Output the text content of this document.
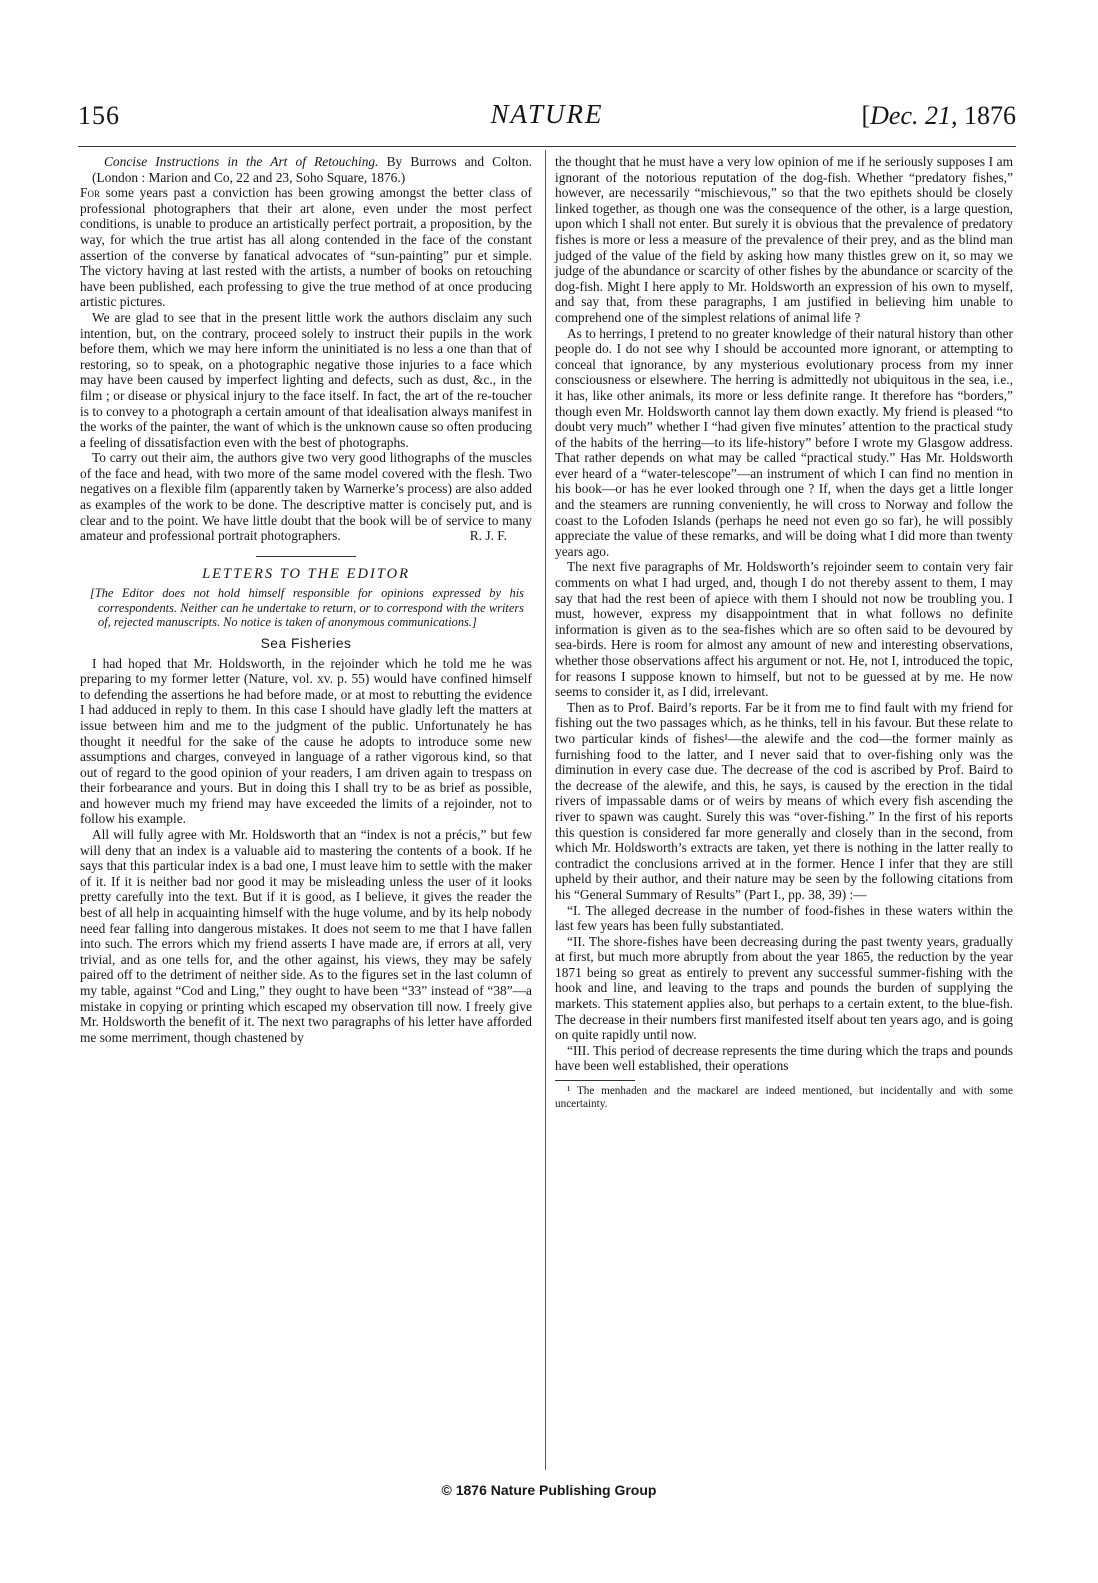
156	NATURE	[Dec. 21, 1876

Concise Instructions in the Art of Retouching. By Burrows and Colton. (London : Marion and Co, 22 and 23, Soho Square, 1876.)

For some years past a conviction has been growing amongst the better class of professional photographers that their art alone, even under the most perfect conditions, is unable to produce an artistically perfect portrait, a proposition, by the way, for which the true artist has all along contended in the face of the constant assertion of the converse by fanatical advocates of “sun-painting” pur et simple. The victory having at last rested with the artists, a number of books on retouching have been published, each professing to give the true method of at once producing artistic pictures.

We are glad to see that in the present little work the authors disclaim any such intention, but, on the contrary, proceed solely to instruct their pupils in the work before them, which we may here inform the uninitiated is no less a one than that of restoring, so to speak, on a photographic negative those injuries to a face which may have been caused by imperfect lighting and defects, such as dust, &c., in the film ; or disease or physical injury to the face itself. In fact, the art of the re-toucher is to convey to a photograph a certain amount of that idealisation always manifest in the works of the painter, the want of which is the unknown cause so often producing a feeling of dissatisfaction even with the best of photographs.

To carry out their aim, the authors give two very good lithographs of the muscles of the face and head, with two more of the same model covered with the flesh. Two negatives on a flexible film (apparently taken by Warnerke’s process) are also added as examples of the work to be done. The descriptive matter is concisely put, and is clear and to the point. We have little doubt that the book will be of service to many amateur and professional portrait photographers.	R. J. F.
LETTERS TO THE EDITOR
[The Editor does not hold himself responsible for opinions expressed by his correspondents. Neither can he undertake to return, or to correspond with the writers of, rejected manuscripts. No notice is taken of anonymous communications.]
Sea Fisheries

I had hoped that Mr. Holdsworth, in the rejoinder which he told me he was preparing to my former letter (Nature, vol. xv. p. 55) would have confined himself to defending the assertions he had before made, or at most to rebutting the evidence I had adduced in reply to them. In this case I should have gladly left the matters at issue between him and me to the judgment of the public. Unfortunately he has thought it needful for the sake of the cause he adopts to introduce some new assumptions and charges, conveyed in language of a rather vigorous kind, so that out of regard to the good opinion of your readers, I am driven again to trespass on their forbearance and yours. But in doing this I shall try to be as brief as possible, and however much my friend may have exceeded the limits of a rejoinder, not to follow his example.

All will fully agree with Mr. Holdsworth that an “index is not a précis,” but few will deny that an index is a valuable aid to mastering the contents of a book. If he says that this particular index is a bad one, I must leave him to settle with the maker of it. If it is neither bad nor good it may be misleading unless the user of it looks pretty carefully into the text. But if it is good, as I believe, it gives the reader the best of all help in acquainting himself with the huge volume, and by its help nobody need fear falling into dangerous mistakes. It does not seem to me that I have fallen into such. The errors which my friend asserts I have made are, if errors at all, very trivial, and as one tells for, and the other against, his views, they may be safely paired off to the detriment of neither side. As to the figures set in the last column of my table, against “Cod and Ling,” they ought to have been “33” instead of “38”—a mistake in copying or printing which escaped my observation till now. I freely give Mr. Holdsworth the benefit of it. The next two paragraphs of his letter have afforded me some merriment, though chastened by

the thought that he must have a very low opinion of me if he seriously supposes I am ignorant of the notorious reputation of the dog-fish. Whether “predatory fishes,” however, are necessarily “mischievous,” so that the two epithets should be closely linked together, as though one was the consequence of the other, is a large question, upon which I shall not enter. But surely it is obvious that the prevalence of predatory fishes is more or less a measure of the prevalence of their prey, and as the blind man judged of the value of the field by asking how many thistles grew on it, so may we judge of the abundance or scarcity of other fishes by the abundance or scarcity of the dog-fish. Might I here apply to Mr. Holdsworth an expression of his own to myself, and say that, from these paragraphs, I am justified in believing him unable to comprehend one of the simplest relations of animal life ?

As to herrings, I pretend to no greater knowledge of their natural history than other people do. I do not see why I should be accounted more ignorant, or attempting to conceal that ignorance, by any mysterious evolutionary process from my inner consciousness or elsewhere. The herring is admittedly not ubiquitous in the sea, i.e., it has, like other animals, its more or less definite range. It therefore has “borders,” though even Mr. Holdsworth cannot lay them down exactly. My friend is pleased “to doubt very much” whether I “had given five minutes’ attention to the practical study of the habits of the herring—to its life-history” before I wrote my Glasgow address. That rather depends on what may be called “practical study.” Has Mr. Holdsworth ever heard of a “water-telescope”—an instrument of which I can find no mention in his book—or has he ever looked through one ? If, when the days get a little longer and the steamers are running conveniently, he will cross to Norway and follow the coast to the Lofoden Islands (perhaps he need not even go so far), he will possibly appreciate the value of these remarks, and will be doing what I did more than twenty years ago.

The next five paragraphs of Mr. Holdsworth’s rejoinder seem to contain very fair comments on what I had urged, and, though I do not thereby assent to them, I may say that had the rest been of apiece with them I should not now be troubling you. I must, however, express my disappointment that in what follows no definite information is given as to the sea-fishes which are so often said to be devoured by sea-birds. Here is room for almost any amount of new and interesting observations, whether those observations affect his argument or not. He, not I, introduced the topic, for reasons I suppose known to himself, but not to be guessed at by me. He now seems to consider it, as I did, irrelevant.

Then as to Prof. Baird’s reports. Far be it from me to find fault with my friend for fishing out the two passages which, as he thinks, tell in his favour. But these relate to two particular kinds of fishes¹—the alewife and the cod—the former mainly as furnishing food to the latter, and I never said that to over-fishing only was the diminution in every case due. The decrease of the cod is ascribed by Prof. Baird to the decrease of the alewife, and this, he says, is caused by the erection in the tidal rivers of impassable dams or of weirs by means of which every fish ascending the river to spawn was caught. Surely this was “over-fishing.” In the first of his reports this question is considered far more generally and closely than in the second, from which Mr. Holdsworth’s extracts are taken, yet there is nothing in the latter really to contradict the conclusions arrived at in the former. Hence I infer that they are still upheld by their author, and their nature may be seen by the following citations from his “General Summary of Results” (Part I., pp. 38, 39) :—

“I. The alleged decrease in the number of food-fishes in these waters within the last few years has been fully substantiated.

“II. The shore-fishes have been decreasing during the past twenty years, gradually at first, but much more abruptly from about the year 1865, the reduction by the year 1871 being so great as entirely to prevent any successful summer-fishing with the hook and line, and leaving to the traps and pounds the burden of supplying the markets. This statement applies also, but perhaps to a certain extent, to the blue-fish. The decrease in their numbers first manifested itself about ten years ago, and is going on quite rapidly until now.

“III. This period of decrease represents the time during which the traps and pounds have been well established, their operations

¹ The menhaden and the mackarel are indeed mentioned, but incidentally and with some uncertainty.

© 1876 Nature Publishing Group
